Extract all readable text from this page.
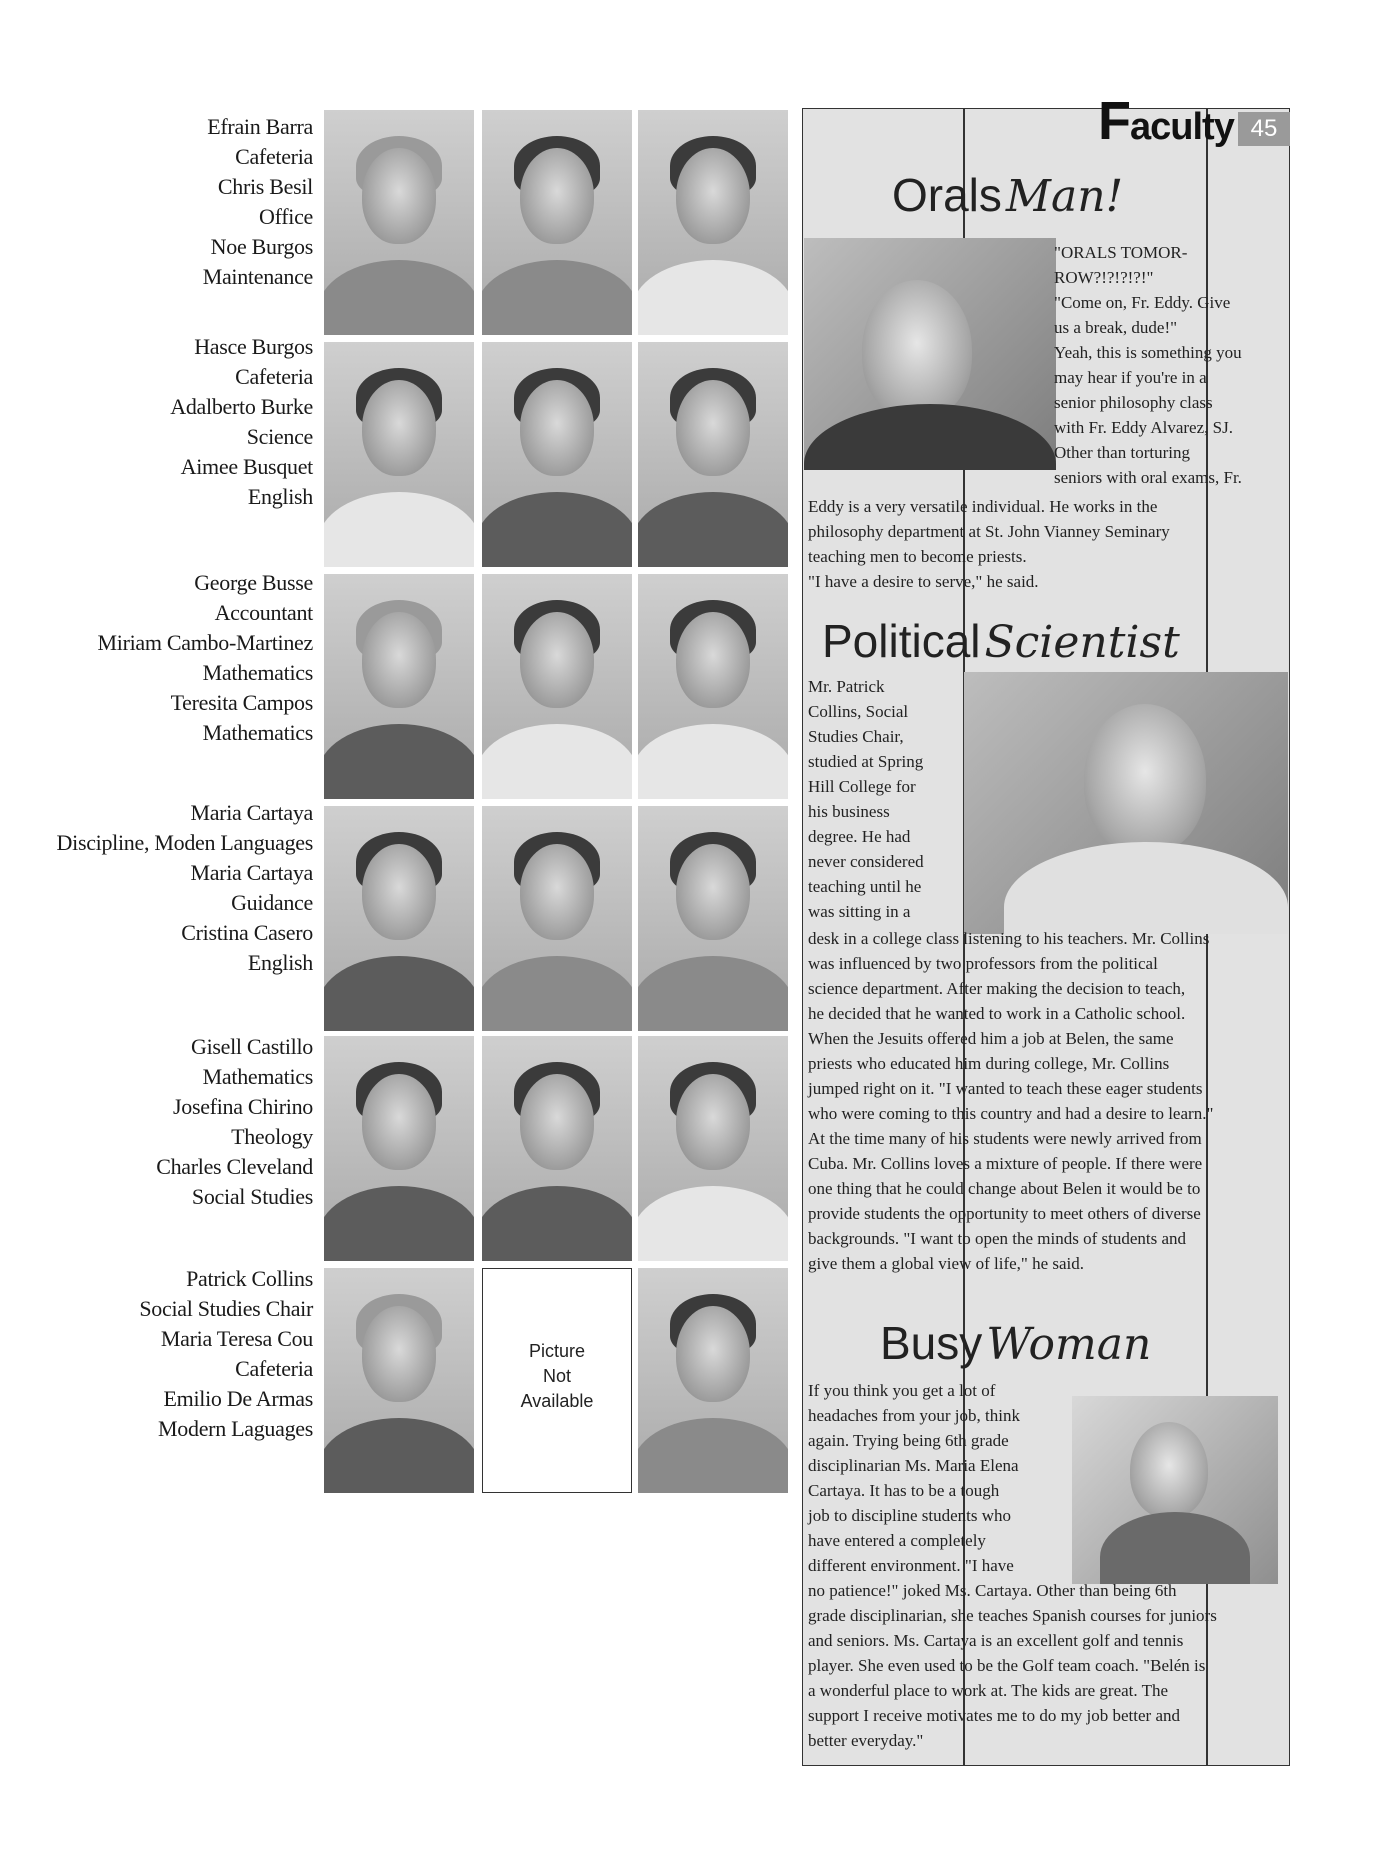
Efrain Barra
Cafeteria
Chris Besil
Office
Noe Burgos
Maintenance
Hasce Burgos
Cafeteria
Adalberto Burke
Science
Aimee Busquet
English
George Busse
Accountant
Miriam Cambo-Martinez
Mathematics
Teresita Campos
Mathematics
Maria Cartaya
Discipline, Moden Languages
Maria Cartaya
Guidance
Cristina Casero
English
Gisell Castillo
Mathematics
Josefina Chirino
Theology
Charles Cleveland
Social Studies
Patrick Collins
Social Studies Chair
Maria Teresa Cou
Cafeteria
Emilio De Armas
Modern Laguages
Picture
Not
Available
Faculty 45
Orals Man!
"ORALS TOMOR-
ROW?!?!?!?!"
"Come on, Fr. Eddy. Give
us a break, dude!"
Yeah, this is something you
may hear if you're in a
senior philosophy class
with Fr. Eddy Alvarez, SJ.
Other than torturing
seniors with oral exams, Fr.
Eddy is a very versatile individual. He works in the
philosophy department at St. John Vianney Seminary
teaching men to become priests.
"I have a desire to serve," he said.
Political Scientist
Mr. Patrick
Collins, Social
Studies Chair,
studied at Spring
Hill College for
his business
degree. He had
never considered
teaching until he
was sitting in a
desk in a college class listening to his teachers. Mr. Collins
was influenced by two professors from the political
science department. After making the decision to teach,
he decided that he wanted to work in a Catholic school.
When the Jesuits offered him a job at Belen, the same
priests who educated him during college, Mr. Collins
jumped right on it. "I wanted to teach these eager students
who were coming to this country and had a desire to learn."
At the time many of his students were newly arrived from
Cuba. Mr. Collins loves a mixture of people. If there were
one thing that he could change about Belen it would be to
provide students the opportunity to meet others of diverse
backgrounds. "I want to open the minds of students and
give them a global view of life," he said.
Busy Woman
If you think you get a lot of
headaches from your job, think
again. Trying being 6th grade
disciplinarian Ms. Maria Elena
Cartaya. It has to be a tough
job to discipline students who
have entered a completely
different environment. "I have
no patience!" joked Ms. Cartaya. Other than being 6th
grade disciplinarian, she teaches Spanish courses for juniors
and seniors. Ms. Cartaya is an excellent golf and tennis
player. She even used to be the Golf team coach. "Belén is
a wonderful place to work at. The kids are great. The
support I receive motivates me to do my job better and
better everyday."
